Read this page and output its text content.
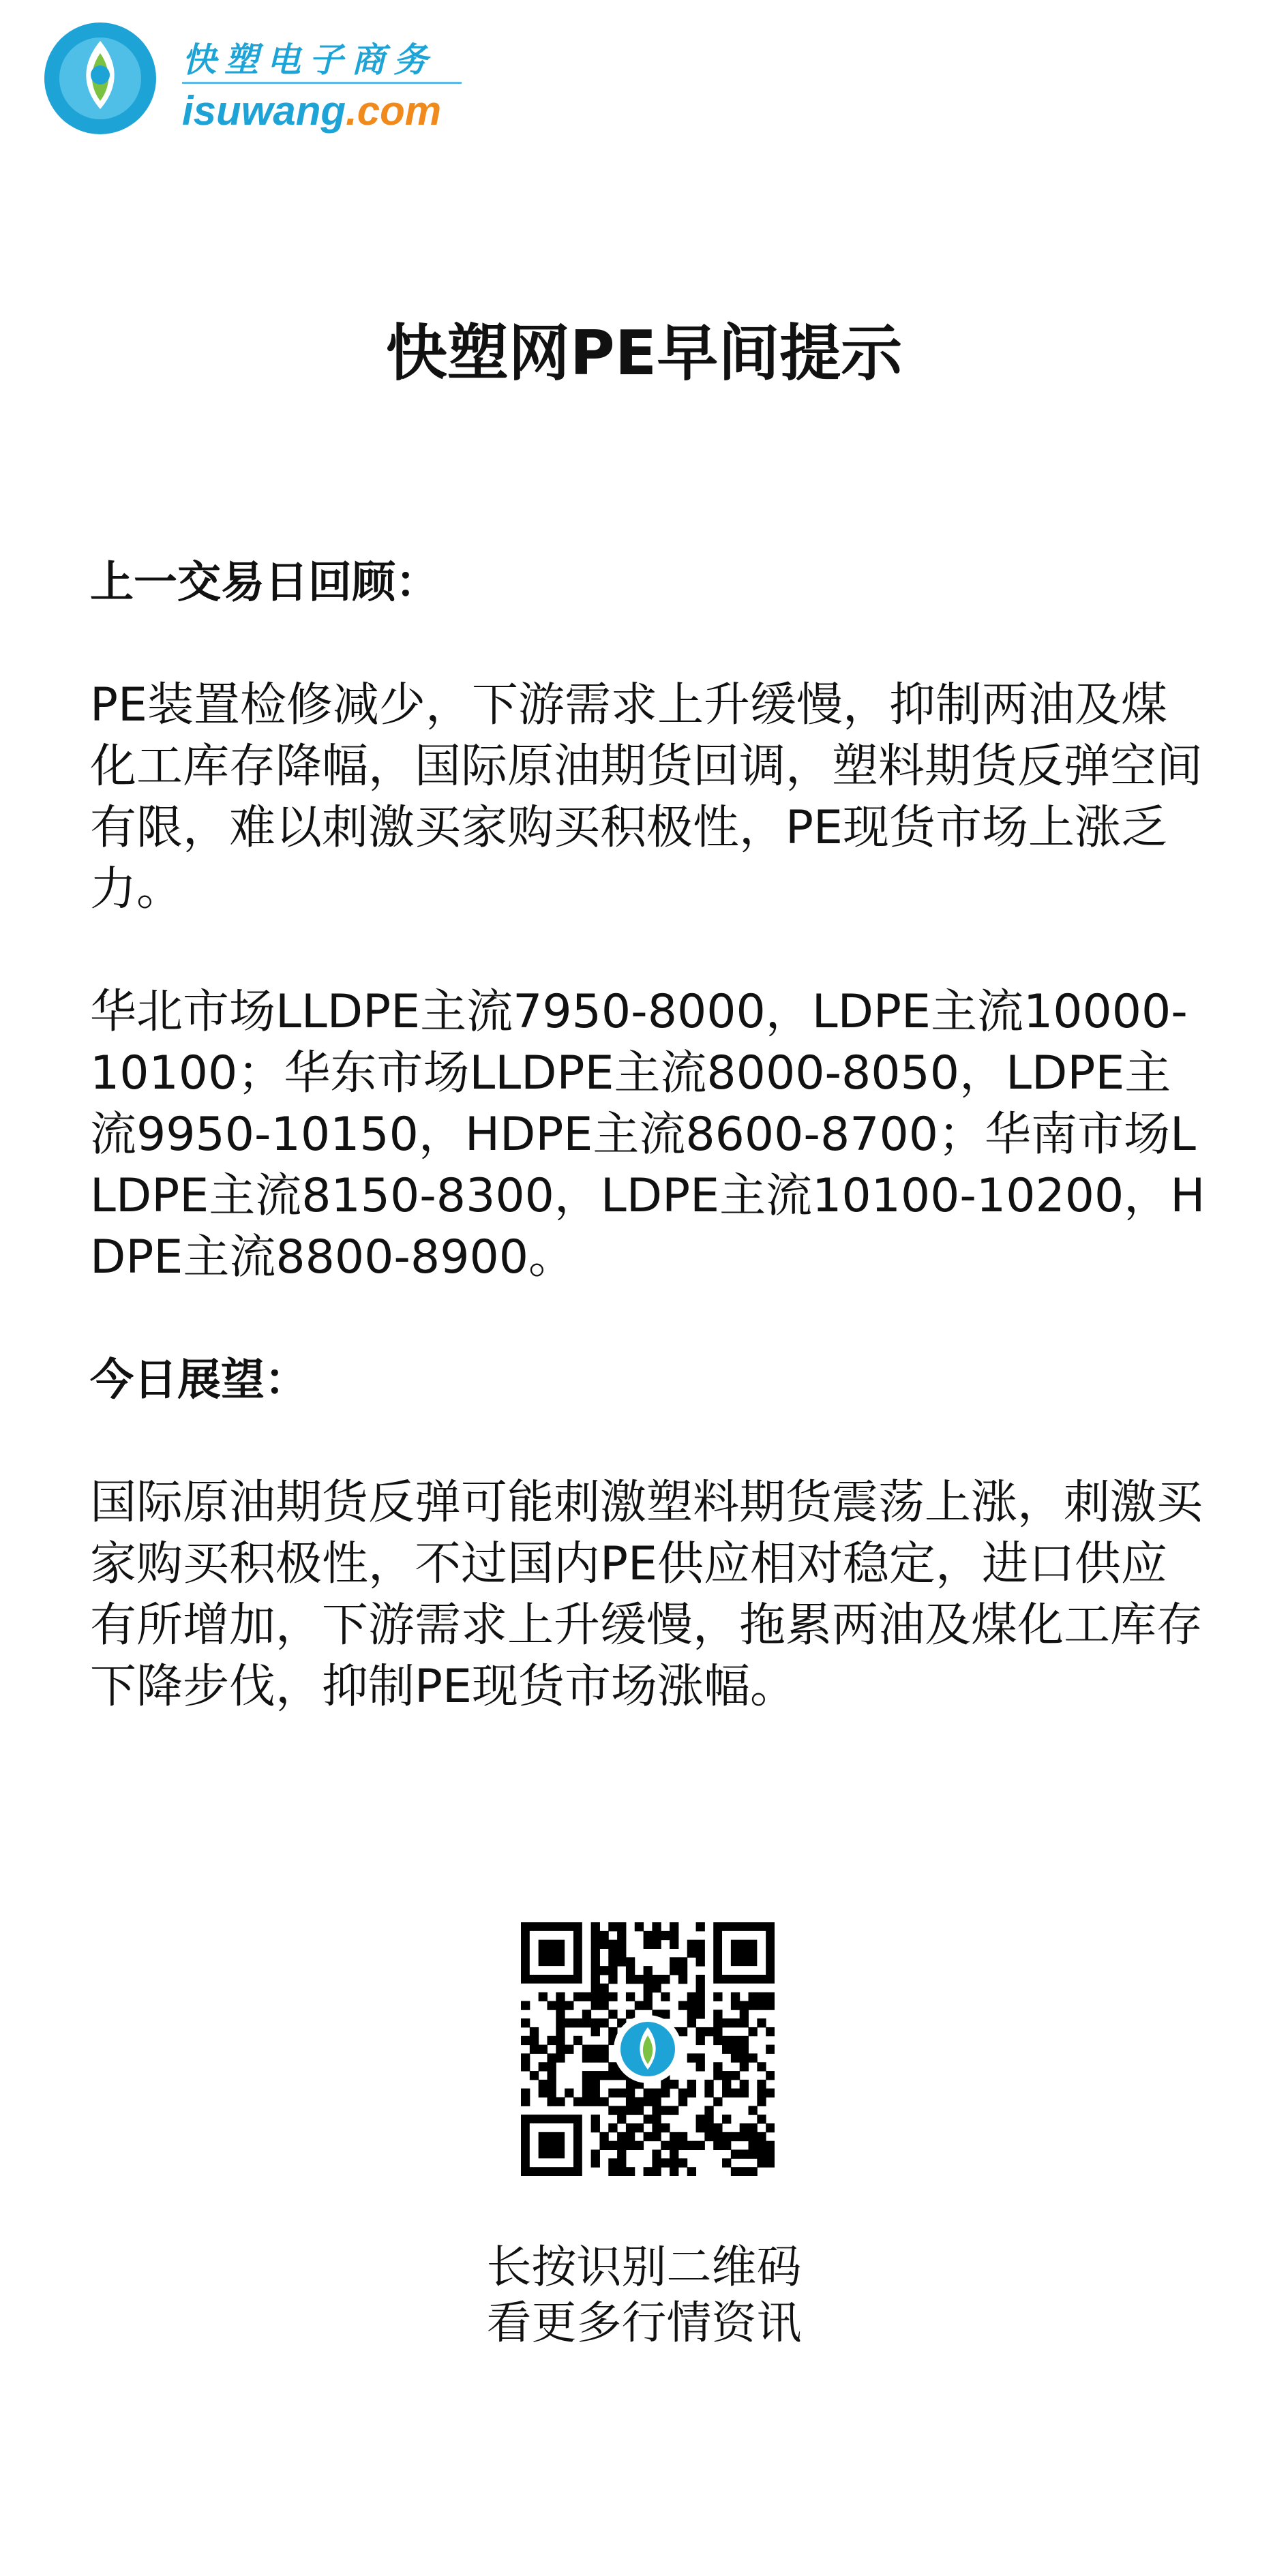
快塑电子商务
isuwang.com
快塑网PE早间提示

上一交易日回顾：

PE装置检修减少，下游需求上升缓慢，抑制两油及煤化工库存降幅，国际原油期货回调，塑料期货反弹空间有限，难以刺激买家购买积极性，PE现货市场上涨乏力。

华北市场LLDPE主流7950-8000，LDPE主流10000-10100；华东市场LLDPE主流8000-8050，LDPE主流9950-10150，HDPE主流8600-8700；华南市场LLDPE主流8150-8300，LDPE主流10100-10200，HDPE主流8800-8900。

今日展望：

国际原油期货反弹可能刺激塑料期货震荡上涨，刺激买家购买积极性，不过国内PE供应相对稳定，进口供应有所增加，下游需求上升缓慢，拖累两油及煤化工库存下降步伐，抑制PE现货市场涨幅。

长按识别二维码
看更多行情资讯
